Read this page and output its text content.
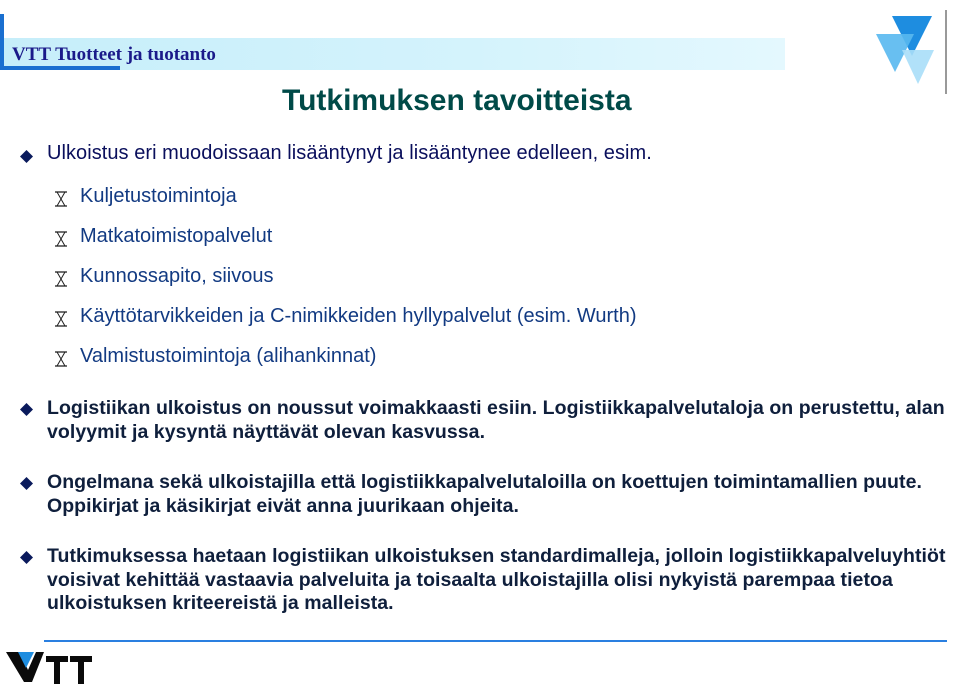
VTT Tuotteet ja tuotanto
Tutkimuksen tavoitteista
Ulkoistus eri muodoissaan lisääntynyt ja lisääntynee edelleen, esim.
Kuljetustoimintoja
Matkatoimistopalvelut
Kunnossapito, siivous
Käyttötarvikkeiden ja C-nimikkeiden hyllypalvelut (esim. Wurth)
Valmistustoimintoja (alihankinnat)
Logistiikan ulkoistus on noussut voimakkaasti esiin. Logistiikkapalvelutaloja on perustettu, alan volyymit ja kysyntä näyttävät olevan kasvussa.
Ongelmana sekä ulkoistajilla että logistiikkapalvelutaloilla on koettujen toimintamallien puute. Oppikirjat ja käsikirjat eivät anna juurikaan ohjeita.
Tutkimuksessa haetaan logistiikan ulkoistuksen standardimalleja, jolloin logistiikkapalveluyhtiöt voisivat kehittää vastaavia palveluita ja toisaalta ulkoistajilla olisi nykyistä parempaa tietoa ulkoistuksen kriteereistä ja malleista.
